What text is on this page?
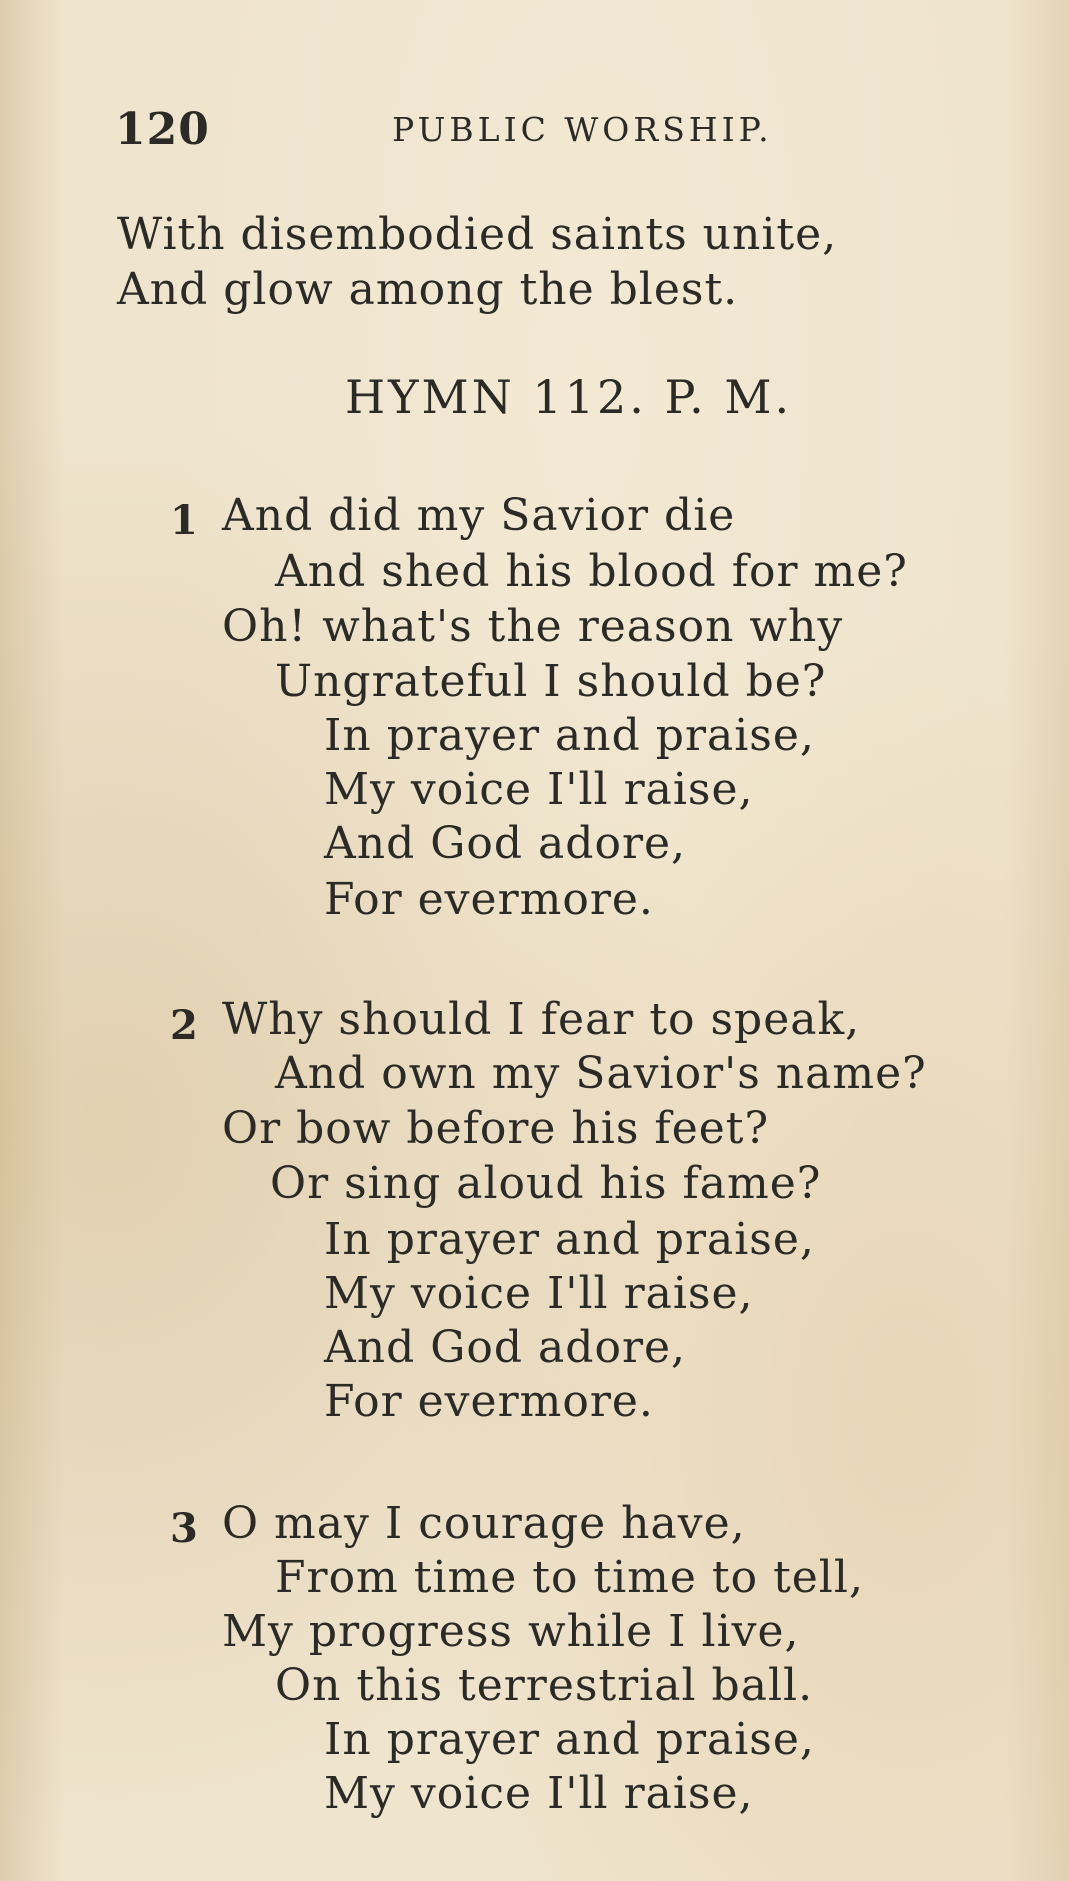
120	PUBLIC WORSHIP.
With disembodied saints unite,
And glow among the blest.
HYMN 112. P. M.
1 And did my Savior die
And shed his blood for me?
Oh! what's the reason why
Ungrateful I should be?
In prayer and praise,
My voice I'll raise,
And God adore,
For evermore.
2 Why should I fear to speak,
And own my Savior's name?
Or bow before his feet?
Or sing aloud his fame?
In prayer and praise,
My voice I'll raise,
And God adore,
For evermore.
3 O may I courage have,
From time to time to tell,
My progress while I live,
On this terrestrial ball.
In prayer and praise,
My voice I'll raise,
